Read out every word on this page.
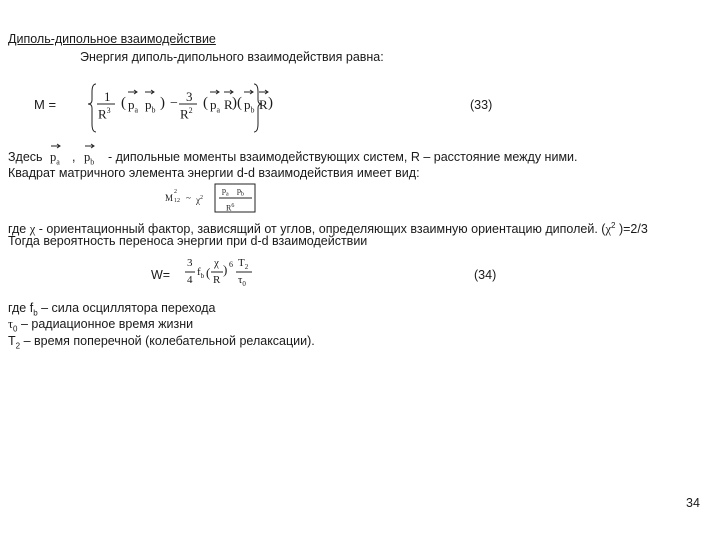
Диполь-дипольное взаимодействие
Энергия диполь-дипольного взаимодействия равна:
M =
1
$R^3$ ( $p_a$ $p_b$ ) − 3
$R^2$ ( $p_a$ R )( $p_b$ R )	(33)
Здесь $p_a$ , $p_b$ - дипольные моменты взаимодействующих систем, R – расстояние между ними.
Квадрат матричного элемента энергии d-d взаимодействия имеет вид:
M
2
12 ~ $\chi^2$
$p_a$ $p_b$
$R^6$
где χ - ориентационный фактор, зависящий от углов, определяющих взаимную ориентацию диполей. ($\chi^2$ )=2/3
Тогда вероятность переноса энергии при d-d взаимодействии
W=
3
4
$f_b$ (
χ
R
) 6 $T_2$
$\tau_0$
(34)
где $f_b$ – сила осциллятора перехода
$\tau_0$ – радиационное время жизни
$T_2$ – время поперечной (колебательной релаксации).
34
